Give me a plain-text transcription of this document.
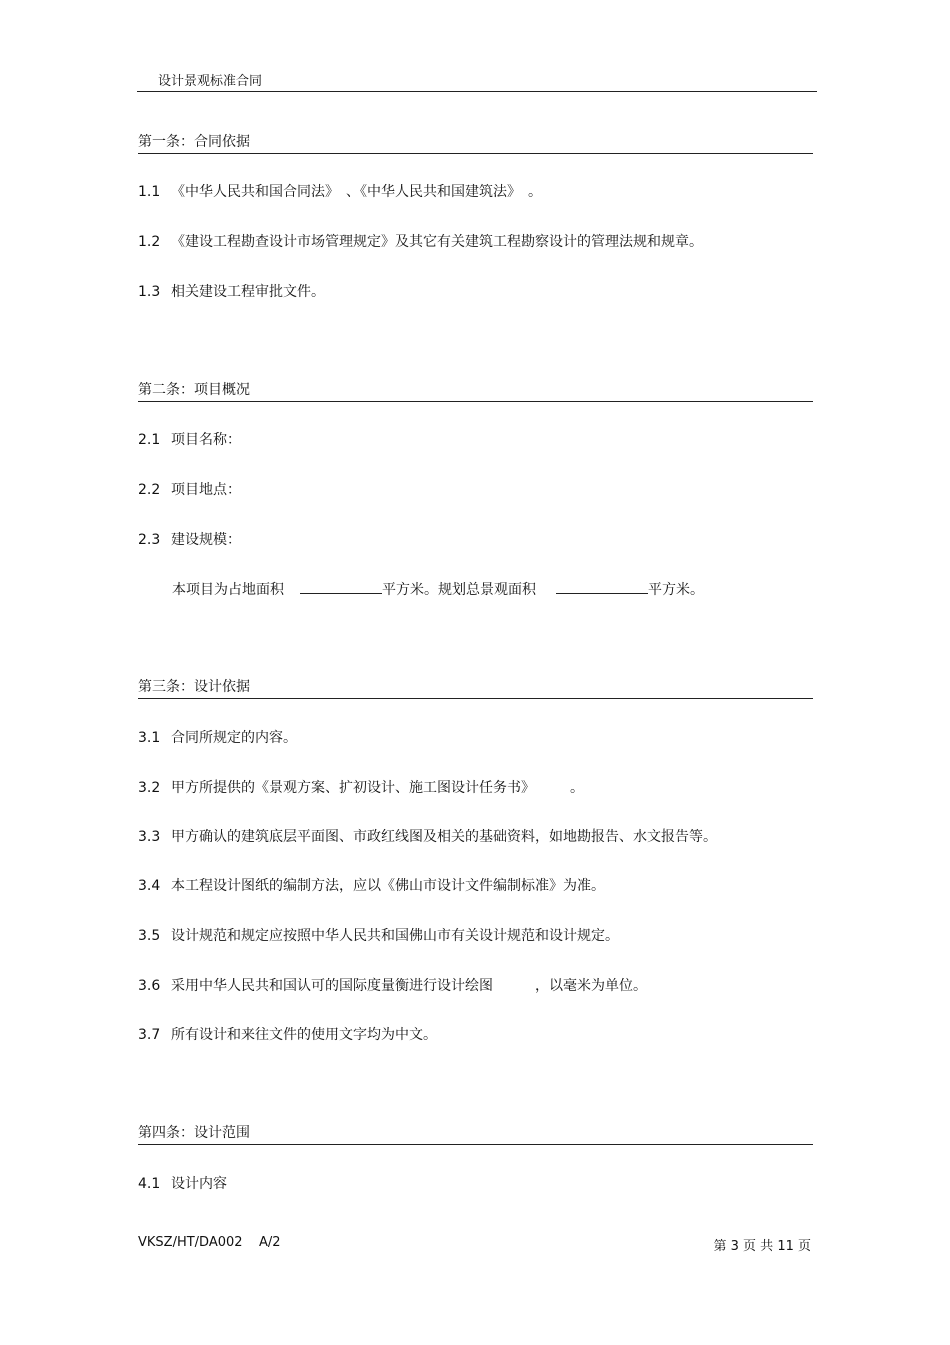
设计景观标准合同
第一条：合同依据
1.1 《中华人民共和国合同法》　、《中华人民共和国建筑法》　。
1.2 《建设工程勘查设计市场管理规定》及其它有关建筑工程勘察设计的管理法规和规章。
1.3 相关建设工程审批文件。
第二条：项目概况
2.1 项目名称：
2.2 项目地点：
2.3 建设规模：
本项目为占地面积	平方米。规划总景观面积	平方米。
第三条：设计依据
3.1 合同所规定的内容。
3.2 甲方所提供的《景观方案、扩初设计、施工图设计任务书》　　　。
3.3 甲方确认的建筑底层平面图、市政红线图及相关的基础资料，如地勘报告、水文报告等。
3.4 本工程设计图纸的编制方法，应以《佛山市设计文件编制标准》为准。
3.5 设计规范和规定应按照中华人民共和国佛山市有关设计规范和设计规定。
3.6 采用中华人民共和国认可的国际度量衡进行设计绘图　　　，以毫米为单位。
3.7 所有设计和来往文件的使用文字均为中文。
第四条：设计范围
4.1 设计内容
VKSZ/HT/DA002 A/2	第 3 页 共 11 页
